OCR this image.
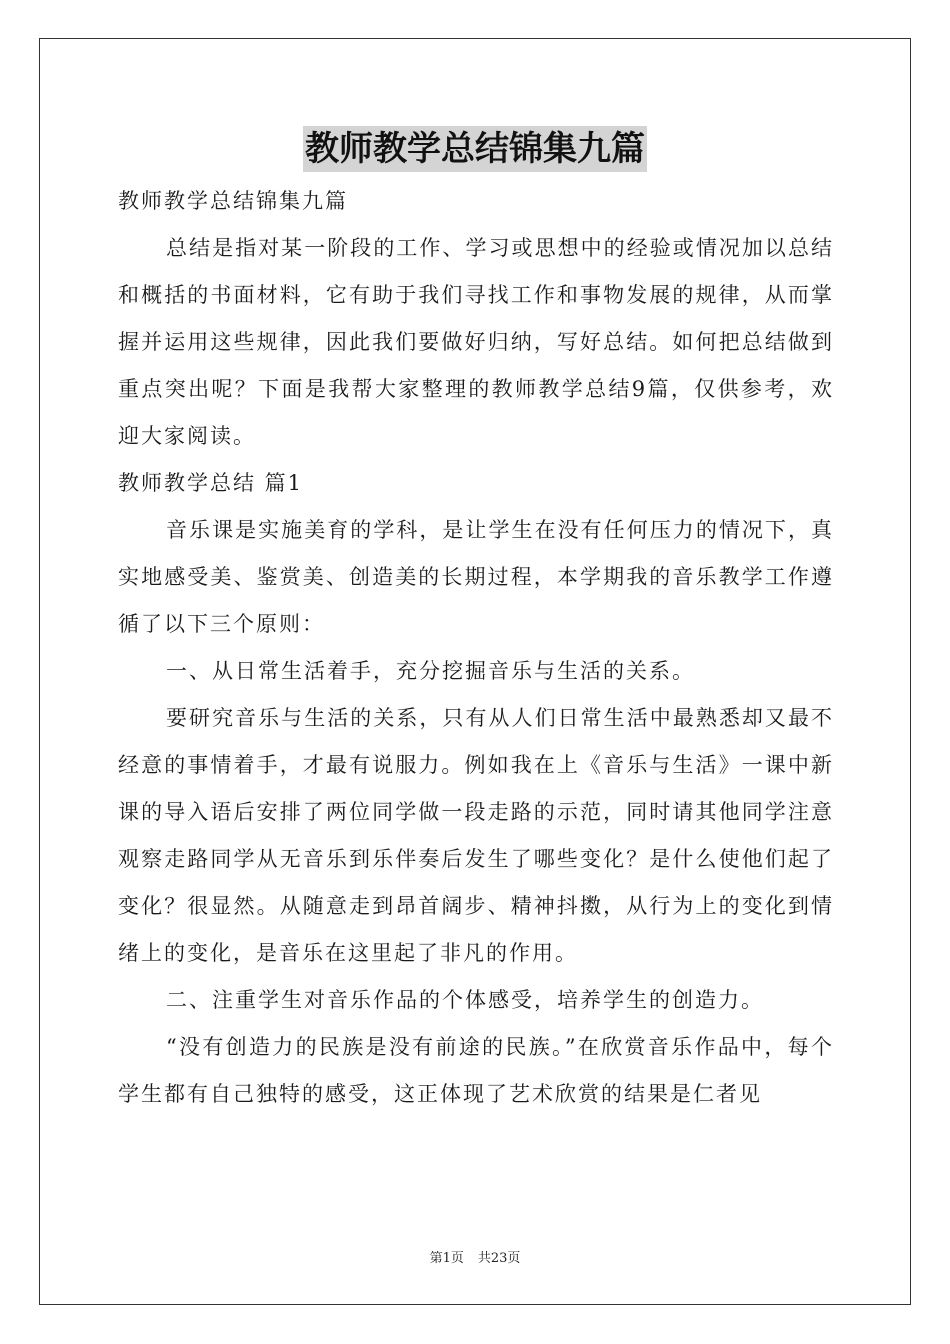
教师教学总结锦集九篇

教师教学总结锦集九篇

总结是指对某一阶段的工作、学习或思想中的经验或情况加以总结和概括的书面材料，它有助于我们寻找工作和事物发展的规律，从而掌握并运用这些规律，因此我们要做好归纳，写好总结。如何把总结做到重点突出呢？下面是我帮大家整理的教师教学总结9篇，仅供参考，欢迎大家阅读。

教师教学总结 篇1

音乐课是实施美育的学科，是让学生在没有任何压力的情况下，真实地感受美、鉴赏美、创造美的长期过程，本学期我的音乐教学工作遵循了以下三个原则：

一、从日常生活着手，充分挖掘音乐与生活的关系。

要研究音乐与生活的关系，只有从人们日常生活中最熟悉却又最不经意的事情着手，才最有说服力。例如我在上《音乐与生活》一课中新课的导入语后安排了两位同学做一段走路的示范，同时请其他同学注意观察走路同学从无音乐到乐伴奏后发生了哪些变化？是什么使他们起了变化？很显然。从随意走到昂首阔步、精神抖擞，从行为上的变化到情绪上的变化，是音乐在这里起了非凡的作用。

二、注重学生对音乐作品的个体感受，培养学生的创造力。

“没有创造力的民族是没有前途的民族。”在欣赏音乐作品中，每个学生都有自己独特的感受，这正体现了艺术欣赏的结果是仁者见

第1页 共23页
